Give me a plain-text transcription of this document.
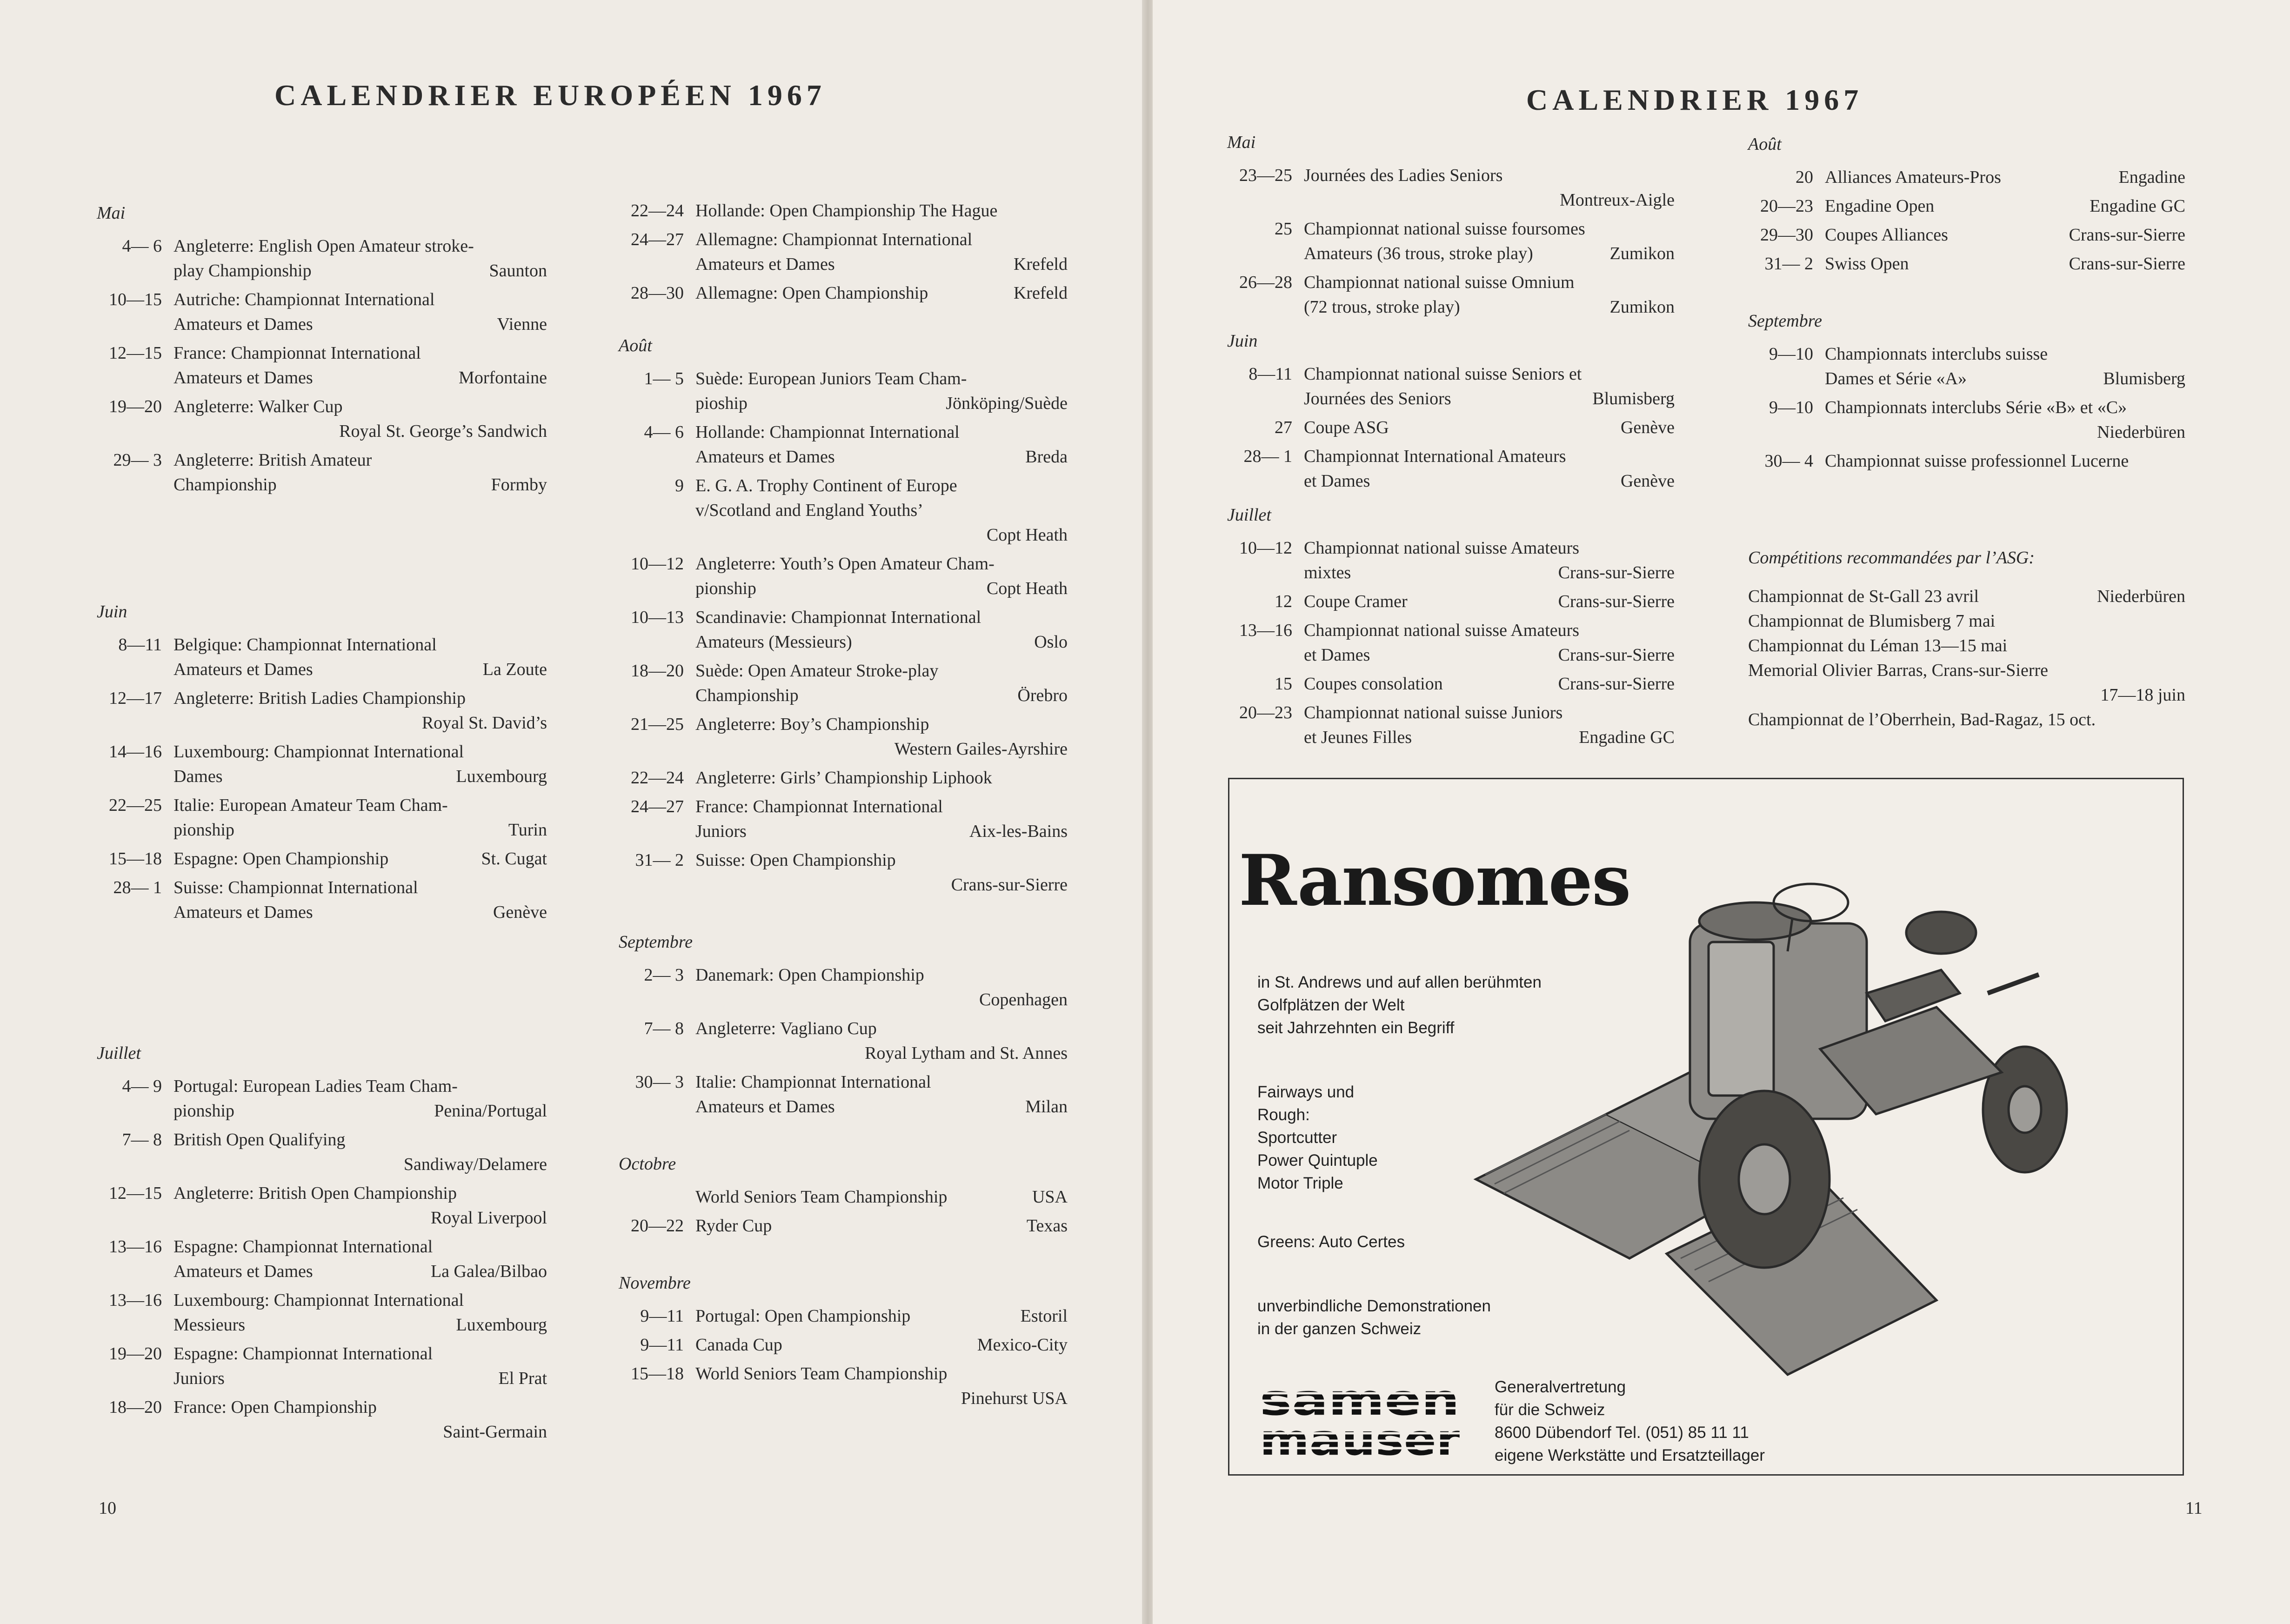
CALENDRIER EUROPÉEN 1967
Mai
4— 6 Angleterre: English Open Amateur stroke-
play Championship	Saunton
10—15 Autriche: Championnat International
Amateurs et Dames	Vienne
12—15 France: Championnat International
Amateurs et Dames	Morfontaine
19—20 Angleterre: Walker Cup
Royal St. George’s Sandwich
29— 3 Angleterre: British Amateur
Championship	Formby
Juin
8—11 Belgique: Championnat International
Amateurs et Dames	La Zoute
12—17 Angleterre: British Ladies Championship
Royal St. David’s
14—16 Luxembourg: Championnat International
Dames	Luxembourg
22—25 Italie: European Amateur Team Cham-
pionship	Turin
15—18 Espagne: Open Championship	St. Cugat
28— 1 Suisse: Championnat International
Amateurs et Dames	Genève
Juillet
4— 9 Portugal: European Ladies Team Cham-
pionship	Penina/Portugal
7— 8 British Open Qualifying
Sandiway/Delamere
12—15 Angleterre: British Open Championship
Royal Liverpool
13—16 Espagne: Championnat International
Amateurs et Dames	La Galea/Bilbao
13—16 Luxembourg: Championnat International
Messieurs	Luxembourg
19—20 Espagne: Championnat International
Juniors	El Prat
18—20 France: Open Championship
Saint-Germain
22—24 Hollande: Open Championship The Hague
24—27 Allemagne: Championnat International
Amateurs et Dames	Krefeld
28—30 Allemagne: Open Championship	Krefeld
Août
1— 5 Suède: European Juniors Team Cham-
pioship	Jönköping/Suède
4— 6 Hollande: Championnat International
Amateurs et Dames	Breda
9 E. G. A. Trophy Continent of Europe
v/Scotland and England Youths’
Copt Heath
10—12 Angleterre: Youth’s Open Amateur Cham-
pionship	Copt Heath
10—13 Scandinavie: Championnat International
Amateurs (Messieurs)	Oslo
18—20 Suède: Open Amateur Stroke-play
Championship	Örebro
21—25 Angleterre: Boy’s Championship
Western Gailes-Ayrshire
22—24 Angleterre: Girls’ Championship Liphook
24—27 France: Championnat International
Juniors	Aix-les-Bains
31— 2 Suisse: Open Championship
Crans-sur-Sierre
Septembre
2— 3 Danemark: Open Championship
Copenhagen
7— 8 Angleterre: Vagliano Cup
Royal Lytham and St. Annes
30— 3 Italie: Championnat International
Amateurs et Dames	Milan
Octobre
World Seniors Team Championship	USA
20—22 Ryder Cup	Texas
Novembre
9—11 Portugal: Open Championship	Estoril
9—11 Canada Cup	Mexico-City
15—18 World Seniors Team Championship
Pinehurst USA
10
CALENDRIER 1967
Mai
23—25 Journées des Ladies Seniors
Montreux-Aigle
25 Championnat national suisse foursomes
Amateurs (36 trous, stroke play)	Zumikon
26—28 Championnat national suisse Omnium
(72 trous, stroke play)	Zumikon
Juin
8—11 Championnat national suisse Seniors et
Journées des Seniors	Blumisberg
27 Coupe ASG	Genève
28— 1 Championnat International Amateurs
et Dames	Genève
Juillet
10—12 Championnat national suisse Amateurs
mixtes	Crans-sur-Sierre
12 Coupe Cramer	Crans-sur-Sierre
13—16 Championnat national suisse Amateurs
et Dames	Crans-sur-Sierre
15 Coupes consolation	Crans-sur-Sierre
20—23 Championnat national suisse Juniors
et Jeunes Filles	Engadine GC
Août
20 Alliances Amateurs-Pros	Engadine
20—23 Engadine Open	Engadine GC
29—30 Coupes Alliances	Crans-sur-Sierre
31— 2 Swiss Open	Crans-sur-Sierre
Septembre
9—10 Championnats interclubs suisse
Dames et Série «A»	Blumisberg
9—10 Championnats interclubs Série «B» et «C»
Niederbüren
30— 4 Championnat suisse professionnel Lucerne
Compétitions recommandées par l’ASG:
Championnat de St-Gall 23 avril	Niederbüren
Championnat de Blumisberg 7 mai
Championnat du Léman 13—15 mai
Memorial Olivier Barras, Crans-sur-Sierre
17—18 juin
Championnat de l’Oberrhein, Bad-Ragaz, 15 oct.
Ransomes
in St. Andrews und auf allen berühmten
Golfplätzen der Welt
seit Jahrzehnten ein Begriff
Fairways und
Rough:
Sportcutter
Power Quintuple
Motor Triple
Greens: Auto Certes
unverbindliche Demonstrationen
in der ganzen Schweiz
samen
mauser
Generalvertretung
für die Schweiz
8600 Dübendorf Tel. (051) 85 11 11
eigene Werkstätte und Ersatzteillager
11
